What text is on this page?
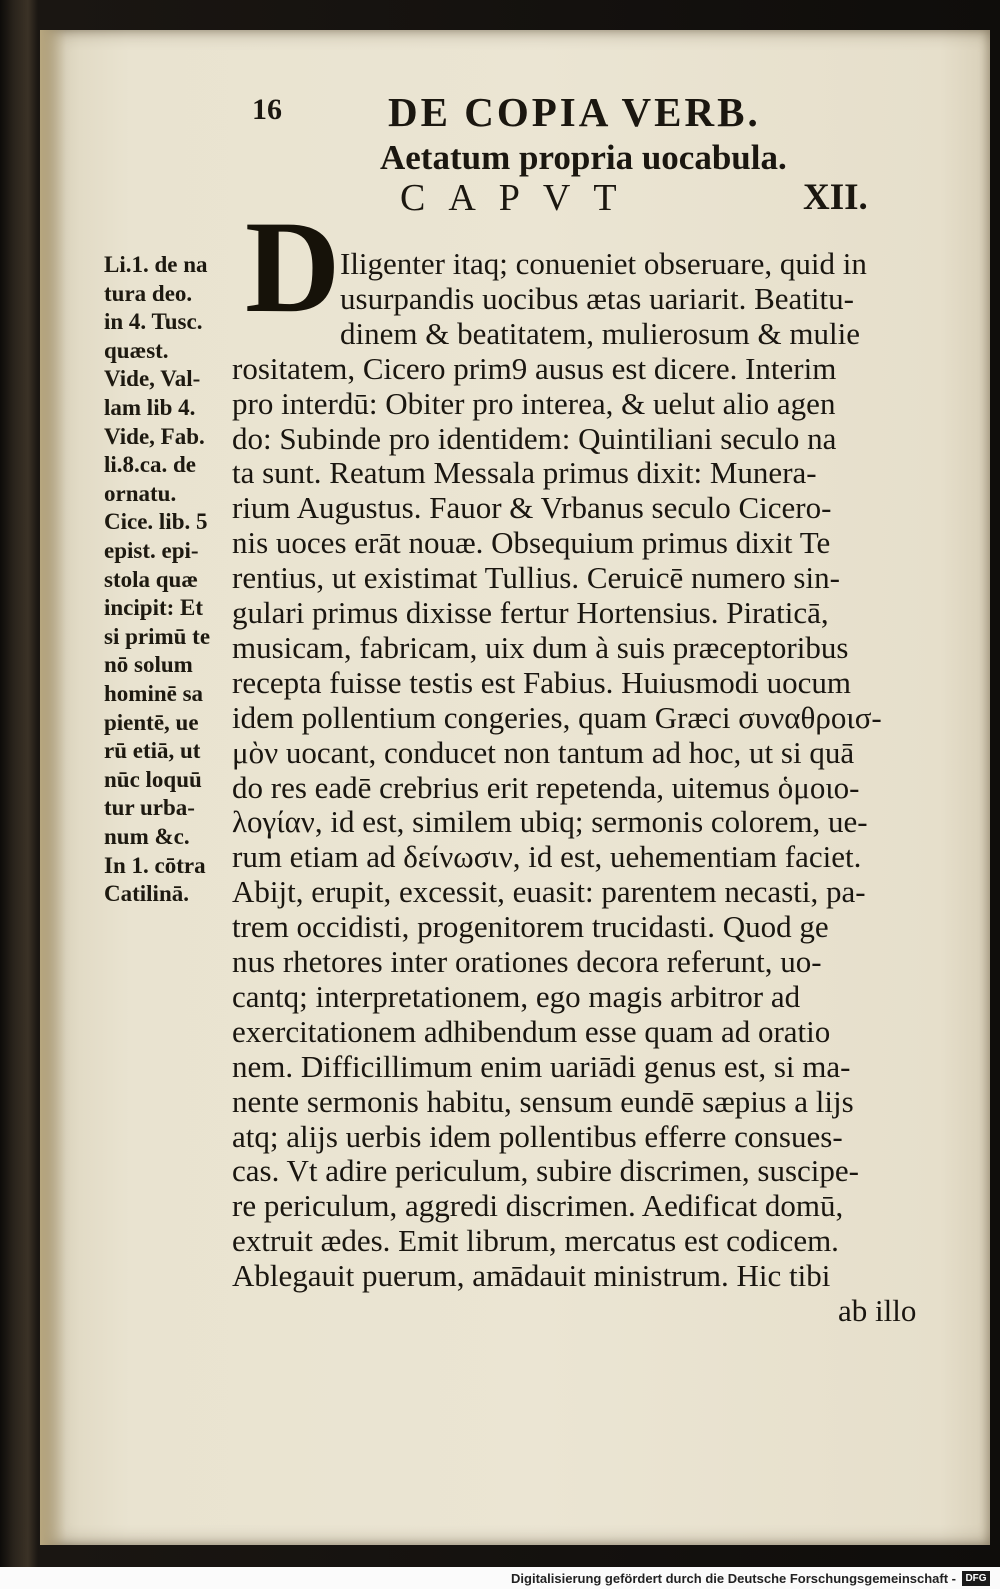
16	DE COPIA VERB.
Aetatum propria uocabula.
CAPVT	XII.
D Iligenter itaq; conueniet obseruare, quid in
usurpandis uocibus ætas uariarit. Beatitu-
dinem & beatitatem, mulierosum & mulie
rositatem, Cicero prim9 ausus est dicere. Interim
pro interdū: Obiter pro interea, & uelut alio agen
do: Subinde pro identidem: Quintiliani seculo na
ta sunt. Reatum Messala primus dixit: Munera-
rium Augustus. Fauor & Vrbanus seculo Cicero-
nis uoces erāt nouæ. Obsequium primus dixit Te
rentius, ut existimat Tullius. Ceruicē numero sin-
gulari primus dixisse fertur Hortensius. Piraticā,
musicam, fabricam, uix dum à suis præceptoribus
recepta fuisse testis est Fabius. Huiusmodi uocum
idem pollentium congeries, quam Græci συναθροισ-
μὸν uocant, conducet non tantum ad hoc, ut si quā
do res eadē crebrius erit repetenda, uitemus ὁμοιο-
λογίαν, id est, similem ubiq; sermonis colorem, ue-
rum etiam ad δείνωσιν, id est, uehementiam faciet.
Abijt, erupit, excessit, euasit: parentem necasti, pa-
trem occidisti, progenitorem trucidasti. Quod ge
nus rhetores inter orationes decora referunt, uo-
cantq; interpretationem, ego magis arbitror ad
exercitationem adhibendum esse quam ad oratio
nem. Difficillimum enim uariādi genus est, si ma-
nente sermonis habitu, sensum eundē sæpius a lijs
atq; alijs uerbis idem pollentibus efferre consues-
cas. Vt adire periculum, subire discrimen, suscipe-
re periculum, aggredi discrimen. Aedificat domū,
extruit ædes. Emit librum, mercatus est codicem.
Ablegauit puerum, amādauit ministrum. Hic tibi
ab illo
Li.1. de na
tura deo.
in 4. Tusc.
quæst.
Vide, Val-
lam lib 4.
Vide, Fab.
li.8.ca. de
ornatu.
Cice. lib. 5
epist. epi-
stola quæ
incipit: Et
si primū te
nō solum
hominē sa
pientē, ue
rū etiā, ut
nūc loquū
tur urba-
num &c.
In 1. cōtra
Catilinā.
Digitalisierung gefördert durch die Deutsche Forschungsgemeinschaft - DFG
